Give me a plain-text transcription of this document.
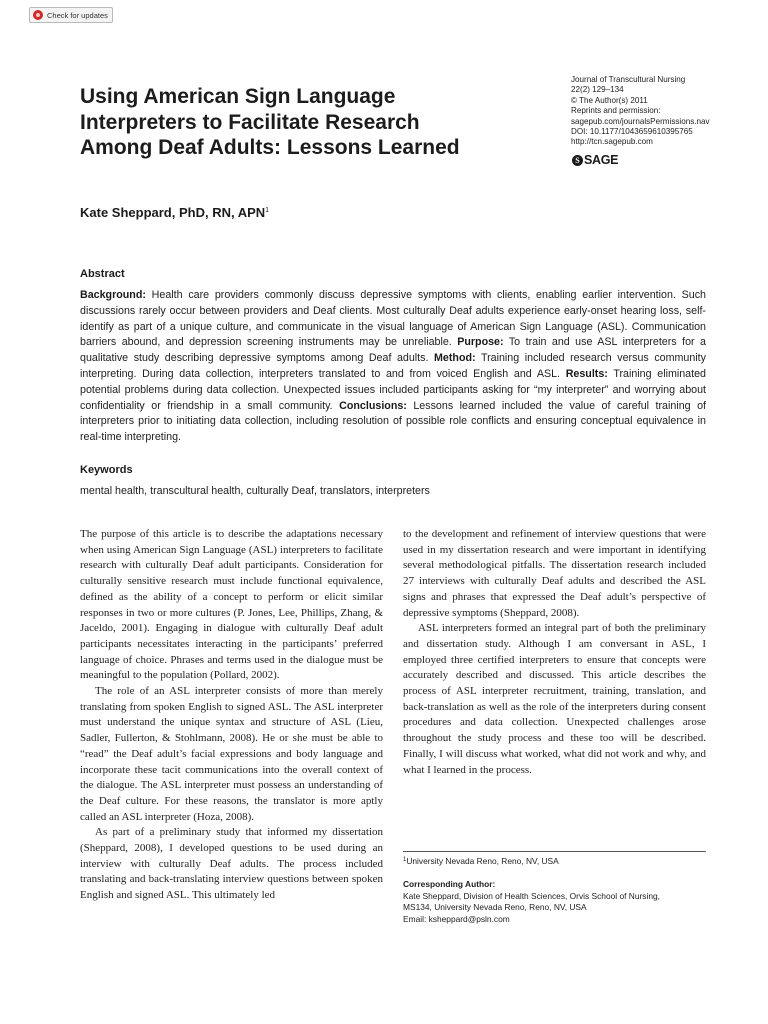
Check for updates
Using American Sign Language
Interpreters to Facilitate Research
Among Deaf Adults: Lessons Learned
Journal of Transcultural Nursing
22(2) 129–134
© The Author(s) 2011
Reprints and permission:
sagepub.com/journalsPermissions.nav
DOI: 10.1177/1043659610395765
http://tcn.sagepub.com
S SAGE
Kate Sheppard, PhD, RN, APN$^1$
Abstract
Background: Health care providers commonly discuss depressive symptoms with clients, enabling earlier intervention. Such discussions rarely occur between providers and Deaf clients. Most culturally Deaf adults experience early-onset hearing loss, self-identify as part of a unique culture, and communicate in the visual language of American Sign Language (ASL). Communication barriers abound, and depression screening instruments may be unreliable. Purpose: To train and use ASL interpreters for a qualitative study describing depressive symptoms among Deaf adults. Method: Training included research versus community interpreting. During data collection, interpreters translated to and from voiced English and ASL. Results: Training eliminated potential problems during data collection. Unexpected issues included participants asking for “my interpreter” and worrying about confidentiality or friendship in a small community. Conclusions: Lessons learned included the value of careful training of interpreters prior to initiating data collection, including resolution of possible role conflicts and ensuring conceptual equivalence in real-time interpreting.
Keywords
mental health, transcultural health, culturally Deaf, translators, interpreters

The purpose of this article is to describe the adaptations necessary when using American Sign Language (ASL) interpreters to facilitate research with culturally Deaf adult participants. Consideration for culturally sensitive research must include functional equivalence, defined as the ability of a concept to perform or elicit similar responses in two or more cultures (P. Jones, Lee, Phillips, Zhang, & Jaceldo, 2001). Engaging in dialogue with culturally Deaf adult participants necessitates interacting in the participants’ preferred language of choice. Phrases and terms used in the dialogue must be meaningful to the population (Pollard, 2002).

The role of an ASL interpreter consists of more than merely translating from spoken English to signed ASL. The ASL interpreter must understand the unique syntax and structure of ASL (Lieu, Sadler, Fullerton, & Stohlmann, 2008). He or she must be able to “read” the Deaf adult’s facial expressions and body language and incorporate these tacit communications into the overall context of the dialogue. The ASL interpreter must possess an understanding of the Deaf culture. For these reasons, the translator is more aptly called an ASL interpreter (Hoza, 2008).

As part of a preliminary study that informed my dissertation (Sheppard, 2008), I developed questions to be used during an interview with culturally Deaf adults. The process included translating and back-translating interview questions between spoken English and signed ASL. This ultimately led

to the development and refinement of interview questions that were used in my dissertation research and were important in identifying several methodological pitfalls. The dissertation research included 27 interviews with culturally Deaf adults and described the ASL signs and phrases that expressed the Deaf adult’s perspective of depressive symptoms (Sheppard, 2008).

ASL interpreters formed an integral part of both the preliminary and dissertation study. Although I am conversant in ASL, I employed three certified interpreters to ensure that concepts were accurately described and discussed. This article describes the process of ASL interpreter recruitment, training, translation, and back-translation as well as the role of the interpreters during consent procedures and data collection. Unexpected challenges arose throughout the study process and these too will be described. Finally, I will discuss what worked, what did not work and why, and what I learned in the process.

$^1$University Nevada Reno, Reno, NV, USA
Corresponding Author:
Kate Sheppard, Division of Health Sciences, Orvis School of Nursing,
MS134, University Nevada Reno, Reno, NV, USA
Email: ksheppard@psln.com
